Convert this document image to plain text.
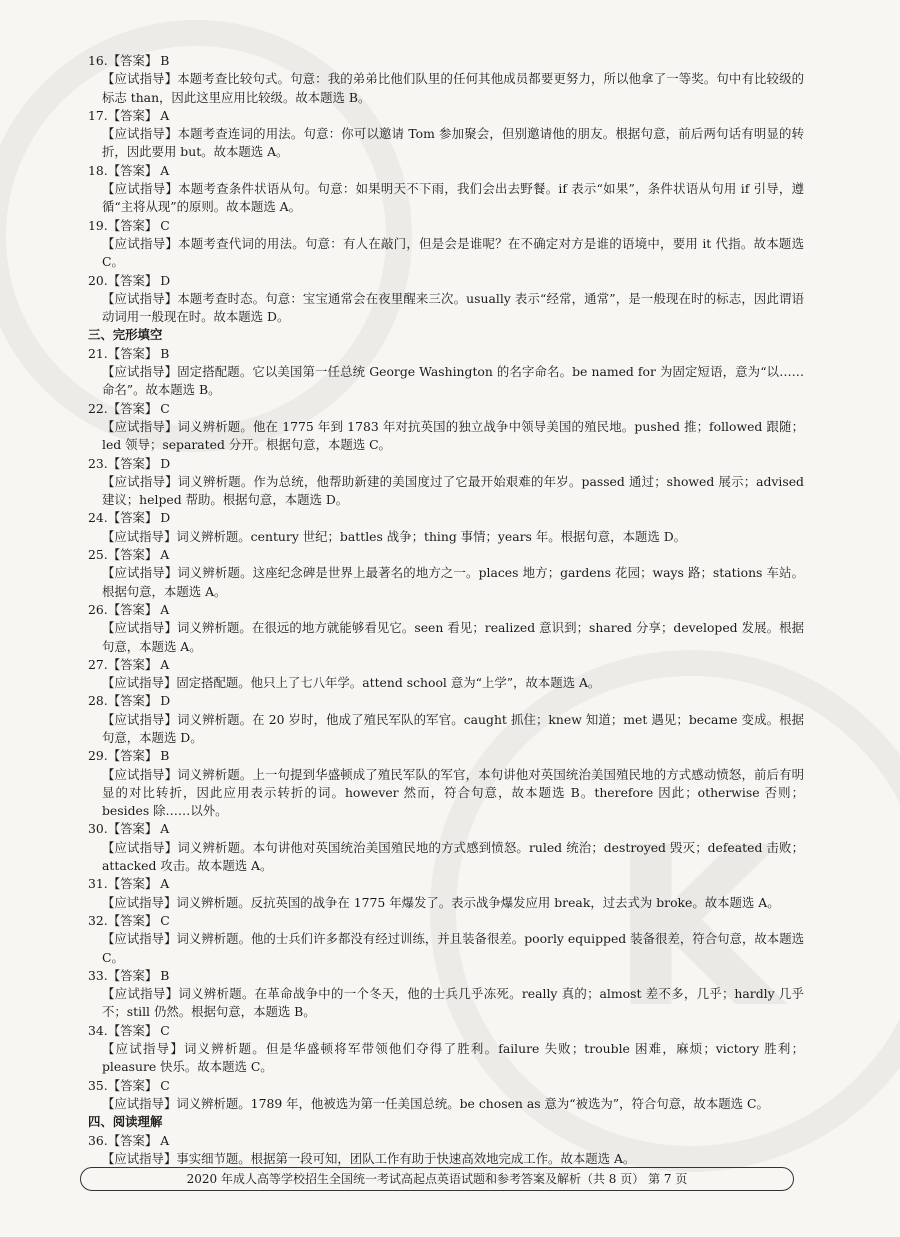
K
16.【答案】 B
【应试指导】本题考查比较句式。句意：我的弟弟比他们队里的任何其他成员都要更努力，所以他拿了一等奖。句中有比较级的标志 than，因此这里应用比较级。故本题选 B。
17.【答案】 A
【应试指导】本题考查连词的用法。句意：你可以邀请 Tom 参加聚会，但别邀请他的朋友。根据句意，前后两句话有明显的转折，因此要用 but。故本题选 A。
18.【答案】 A
【应试指导】本题考查条件状语从句。句意：如果明天不下雨，我们会出去野餐。if 表示“如果”，条件状语从句用 if 引导，遵循“主将从现”的原则。故本题选 A。
19.【答案】 C
【应试指导】本题考查代词的用法。句意：有人在敲门，但是会是谁呢？在不确定对方是谁的语境中，要用 it 代指。故本题选 C。
20.【答案】 D
【应试指导】本题考查时态。句意：宝宝通常会在夜里醒来三次。usually 表示“经常，通常”，是一般现在时的标志，因此谓语动词用一般现在时。故本题选 D。
三、完形填空
21.【答案】 B
【应试指导】固定搭配题。它以美国第一任总统 George Washington 的名字命名。be named for 为固定短语，意为“以……命名”。故本题选 B。
22.【答案】 C
【应试指导】词义辨析题。他在 1775 年到 1783 年对抗英国的独立战争中领导美国的殖民地。pushed 推；followed 跟随；led 领导；separated 分开。根据句意，本题选 C。
23.【答案】 D
【应试指导】词义辨析题。作为总统，他帮助新建的美国度过了它最开始艰难的年岁。passed 通过；showed 展示；advised 建议；helped 帮助。根据句意，本题选 D。
24.【答案】 D
【应试指导】词义辨析题。century 世纪；battles 战争；thing 事情；years 年。根据句意，本题选 D。
25.【答案】 A
【应试指导】词义辨析题。这座纪念碑是世界上最著名的地方之一。places 地方；gardens 花园；ways 路；stations 车站。根据句意，本题选 A。
26.【答案】 A
【应试指导】词义辨析题。在很远的地方就能够看见它。seen 看见；realized 意识到；shared 分享；developed 发展。根据句意，本题选 A。
27.【答案】 A
【应试指导】固定搭配题。他只上了七八年学。attend school 意为“上学”，故本题选 A。
28.【答案】 D
【应试指导】词义辨析题。在 20 岁时，他成了殖民军队的军官。caught 抓住；knew 知道；met 遇见；became 变成。根据句意，本题选 D。
29.【答案】 B
【应试指导】词义辨析题。上一句提到华盛顿成了殖民军队的军官，本句讲他对英国统治美国殖民地的方式感动愤怒，前后有明显的对比转折，因此应用表示转折的词。however 然而，符合句意，故本题选 B。therefore 因此；otherwise 否则；besides 除……以外。
30.【答案】 A
【应试指导】词义辨析题。本句讲他对英国统治美国殖民地的方式感到愤怒。ruled 统治；destroyed 毁灭；defeated 击败；attacked 攻击。故本题选 A。
31.【答案】 A
【应试指导】词义辨析题。反抗英国的战争在 1775 年爆发了。表示战争爆发应用 break，过去式为 broke。故本题选 A。
32.【答案】 C
【应试指导】词义辨析题。他的士兵们许多都没有经过训练，并且装备很差。poorly equipped 装备很差，符合句意，故本题选 C。
33.【答案】 B
【应试指导】词义辨析题。在革命战争中的一个冬天，他的士兵几乎冻死。really 真的；almost 差不多，几乎；hardly 几乎不；still 仍然。根据句意，本题选 B。
34.【答案】 C
【应试指导】词义辨析题。但是华盛顿将军带领他们夺得了胜利。failure 失败；trouble 困难，麻烦；victory 胜利；pleasure 快乐。故本题选 C。
35.【答案】 C
【应试指导】词义辨析题。1789 年，他被选为第一任美国总统。be chosen as 意为“被选为”，符合句意，故本题选 C。
四、阅读理解
36.【答案】 A
【应试指导】事实细节题。根据第一段可知，团队工作有助于快速高效地完成工作。故本题选 A。
2020 年成人高等学校招生全国统一考试高起点英语试题和参考答案及解析（共 8 页） 第 7 页
